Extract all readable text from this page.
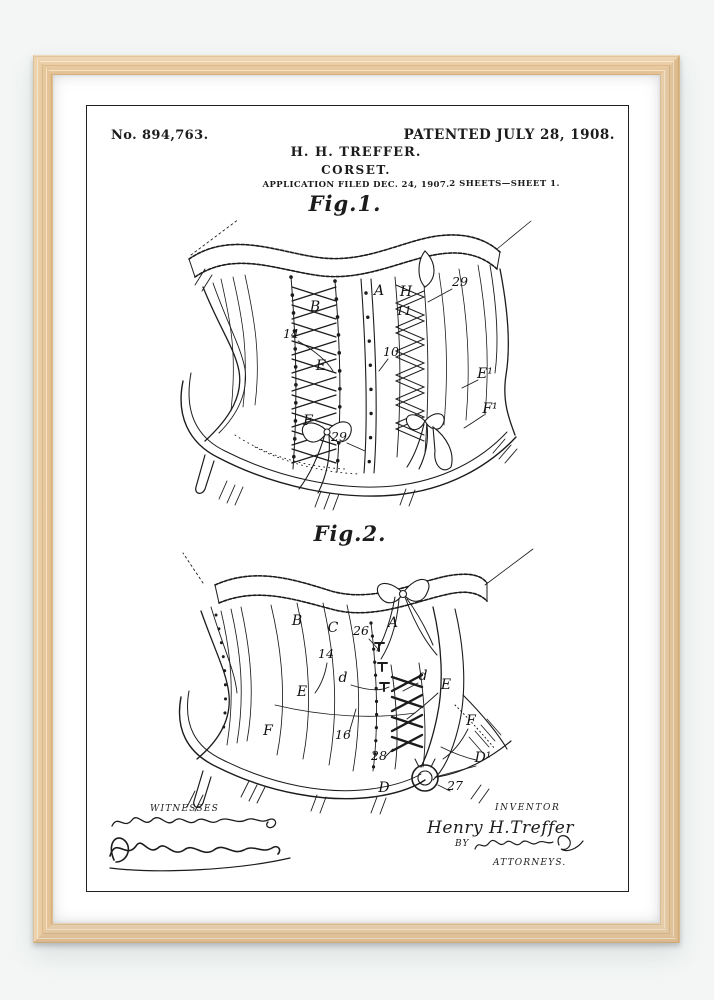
No. 894,763.	PATENTED JULY 28, 1908.
H. H. TREFFER.
CORSET.
APPLICATION FILED DEC. 24, 1907. 2 SHEETS—SHEET 1.
Fig.1.
29
B
A H
11
14
10
E	E¹
F
29
F¹
Fig.2.
B C 26 A
14
d	d
E	E
F	16
28
F
D¹
27
D
WITNESSES	INVENTOR
Henry H.Treffer
BY
ATTORNEYS.
